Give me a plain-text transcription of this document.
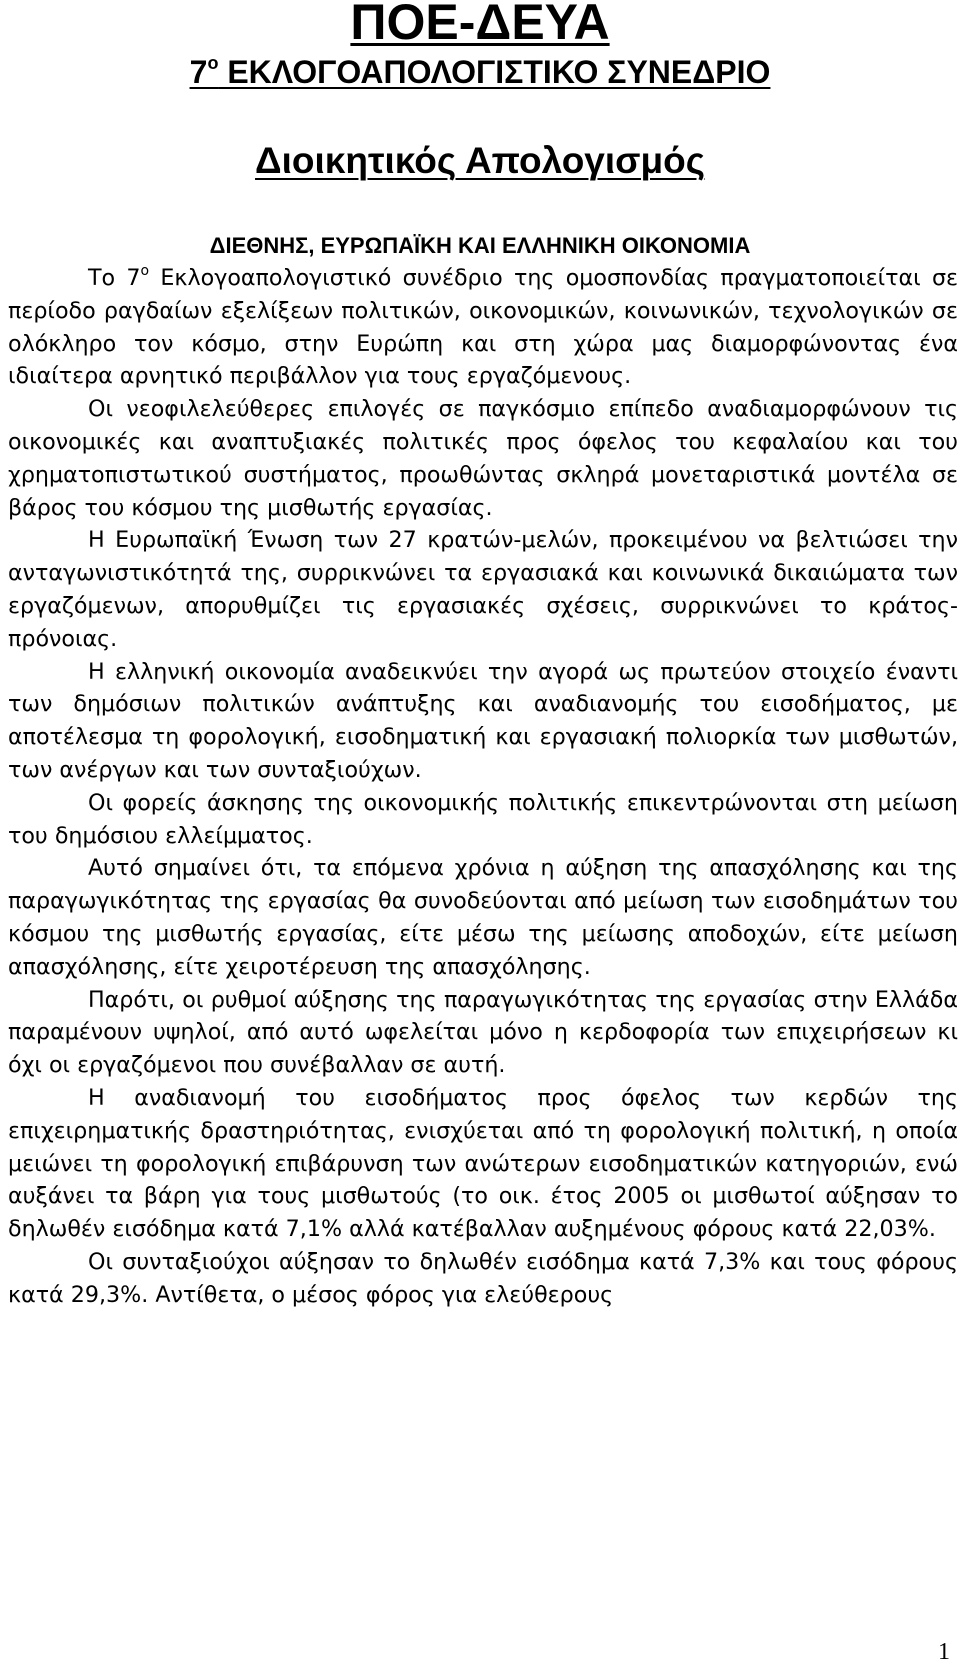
ΠΟΕ-ΔΕΥΑ
$7^o$ ΕΚΛΟΓΟΑΠΟΛΟΓΙΣΤΙΚΟ ΣΥΝΕΔΡΙΟ
Διοικητικός Απολογισμός
ΔΙΕΘΝΗΣ, ΕΥΡΩΠΑΪΚΗ ΚΑΙ ΕΛΛΗΝΙΚΗ ΟΙΚΟΝΟΜΙΑ

Το $7^o$ Εκλογοαπολογιστικό συνέδριο της ομοσπονδίας πραγματοποιείται σε περίοδο ραγδαίων εξελίξεων πολιτικών, οικονομικών, κοινωνικών, τεχνολογικών σε ολόκληρο τον κόσμο, στην Ευρώπη και στη χώρα μας διαμορφώνοντας ένα ιδιαίτερα αρνητικό περιβάλλον για τους εργαζόμενους.

Οι νεοφιλελεύθερες επιλογές σε παγκόσμιο επίπεδο αναδιαμορφώνουν τις οικονομικές και αναπτυξιακές πολιτικές προς όφελος του κεφαλαίου και του χρηματοπιστωτικού συστήματος, προωθώντας σκληρά μονεταριστικά μοντέλα σε βάρος του κόσμου της μισθωτής εργασίας.

Η Ευρωπαϊκή Ένωση των 27 κρατών-μελών, προκειμένου να βελτιώσει την ανταγωνιστικότητά της, συρρικνώνει τα εργασιακά και κοινωνικά δικαιώματα των εργαζόμενων, απορυθμίζει τις εργασιακές σχέσεις, συρρικνώνει το κράτος-πρόνοιας.

Η ελληνική οικονομία αναδεικνύει την αγορά ως πρωτεύον στοιχείο έναντι των δημόσιων πολιτικών ανάπτυξης και αναδιανομής του εισοδήματος, με αποτέλεσμα τη φορολογική, εισοδηματική και εργασιακή πολιορκία των μισθωτών, των ανέργων και των συνταξιούχων.

Οι φορείς άσκησης της οικονομικής πολιτικής επικεντρώνονται στη μείωση του δημόσιου ελλείμματος.

Αυτό σημαίνει ότι, τα επόμενα χρόνια η αύξηση της απασχόλησης και της παραγωγικότητας της εργασίας θα συνοδεύονται από μείωση των εισοδημάτων του κόσμου της μισθωτής εργασίας, είτε μέσω της μείωσης αποδοχών, είτε μείωση απασχόλησης, είτε χειροτέρευση της απασχόλησης.

Παρότι, οι ρυθμοί αύξησης της παραγωγικότητας της εργασίας στην Ελλάδα παραμένουν υψηλοί, από αυτό ωφελείται μόνο η κερδοφορία των επιχειρήσεων κι όχι οι εργαζόμενοι που συνέβαλλαν σε αυτή.

Η αναδιανομή του εισοδήματος προς όφελος των κερδών της επιχειρηματικής δραστηριότητας, ενισχύεται από τη φορολογική πολιτική, η οποία μειώνει τη φορολογική επιβάρυνση των ανώτερων εισοδηματικών κατηγοριών, ενώ αυξάνει τα βάρη για τους μισθωτούς (το οικ. έτος 2005 οι μισθωτοί αύξησαν το δηλωθέν εισόδημα κατά 7,1% αλλά κατέβαλλαν αυξημένους φόρους κατά 22,03%.

Οι συνταξιούχοι αύξησαν το δηλωθέν εισόδημα κατά 7,3% και τους φόρους κατά 29,3%. Αντίθετα, ο μέσος φόρος για ελεύθερους

1
